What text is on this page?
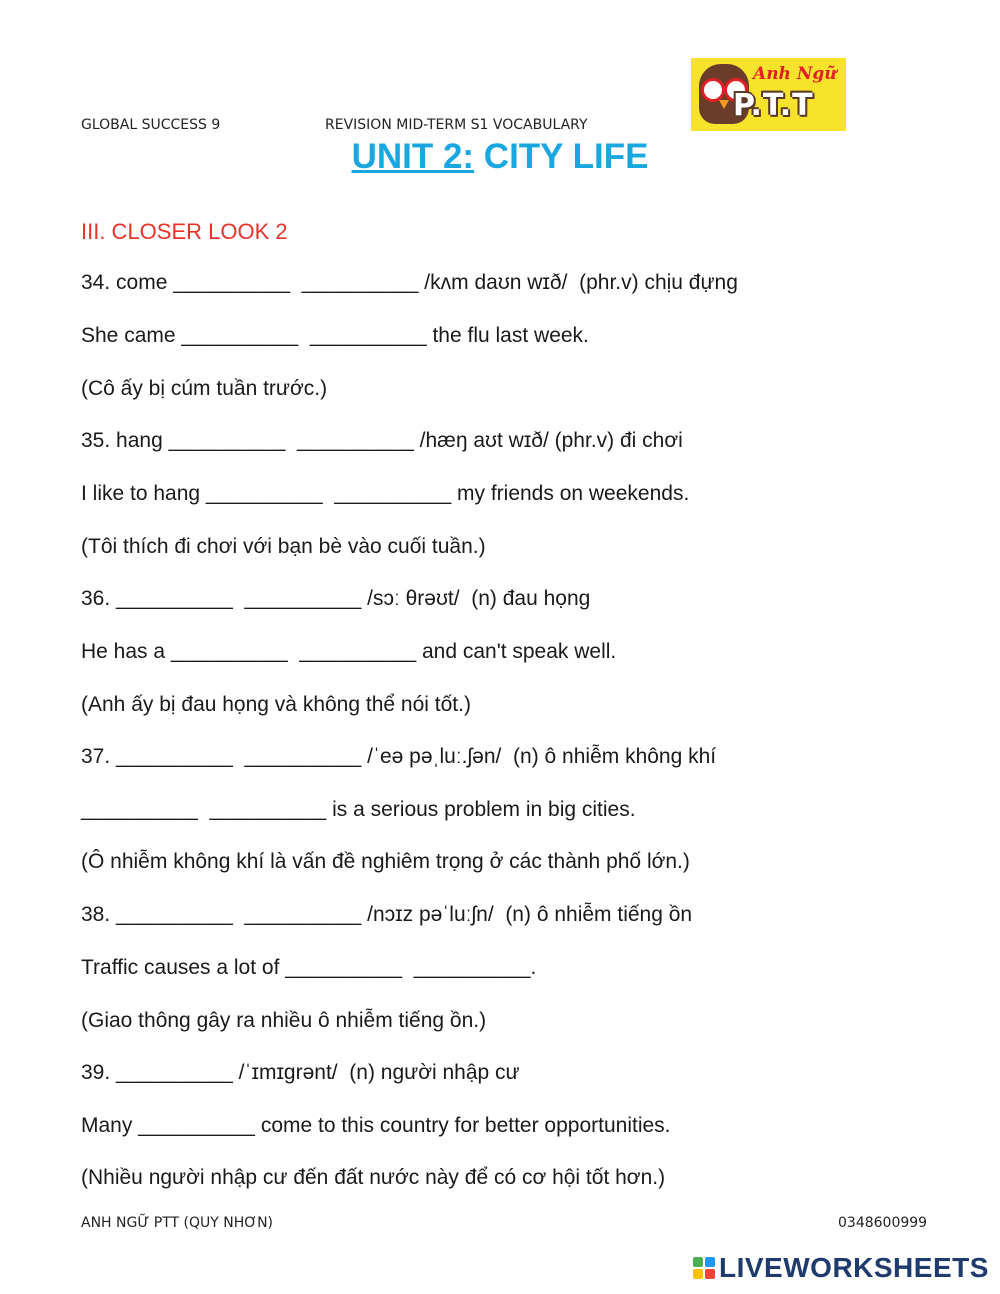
GLOBAL SUCCESS 9	REVISION MID-TERM S1 VOCABULARY
Anh Ngữ
P.T.T
UNIT 2: CITY LIFE
III. CLOSER LOOK 2
34. come __________  __________ /kʌm daʊn wɪð/  (phr.v) chịu đựng
She came __________  __________ the flu last week.
(Cô ấy bị cúm tuần trước.)
35. hang __________  __________ /hæŋ aʊt wɪð/ (phr.v) đi chơi
I like to hang __________  __________ my friends on weekends.
(Tôi thích đi chơi với bạn bè vào cuối tuần.)
36. __________  __________ /sɔː θrəʊt/  (n) đau họng
He has a __________  __________ and can't speak well.
(Anh ấy bị đau họng và không thể nói tốt.)
37. __________  __________ /ˈeə pəˌluː.ʃən/  (n) ô nhiễm không khí
__________  __________ is a serious problem in big cities.
(Ô nhiễm không khí là vấn đề nghiêm trọng ở các thành phố lớn.)
38. __________  __________ /nɔɪz pəˈluːʃn/  (n) ô nhiễm tiếng ồn
Traffic causes a lot of __________  __________.
(Giao thông gây ra nhiều ô nhiễm tiếng ồn.)
39. __________ /ˈɪmɪɡrənt/  (n) người nhập cư
Many __________ come to this country for better opportunities.
(Nhiều người nhập cư đến đất nước này để có cơ hội tốt hơn.)
ANH NGỮ PTT (QUY NHƠN)	0348600999
LIVEWORKSHEETS
